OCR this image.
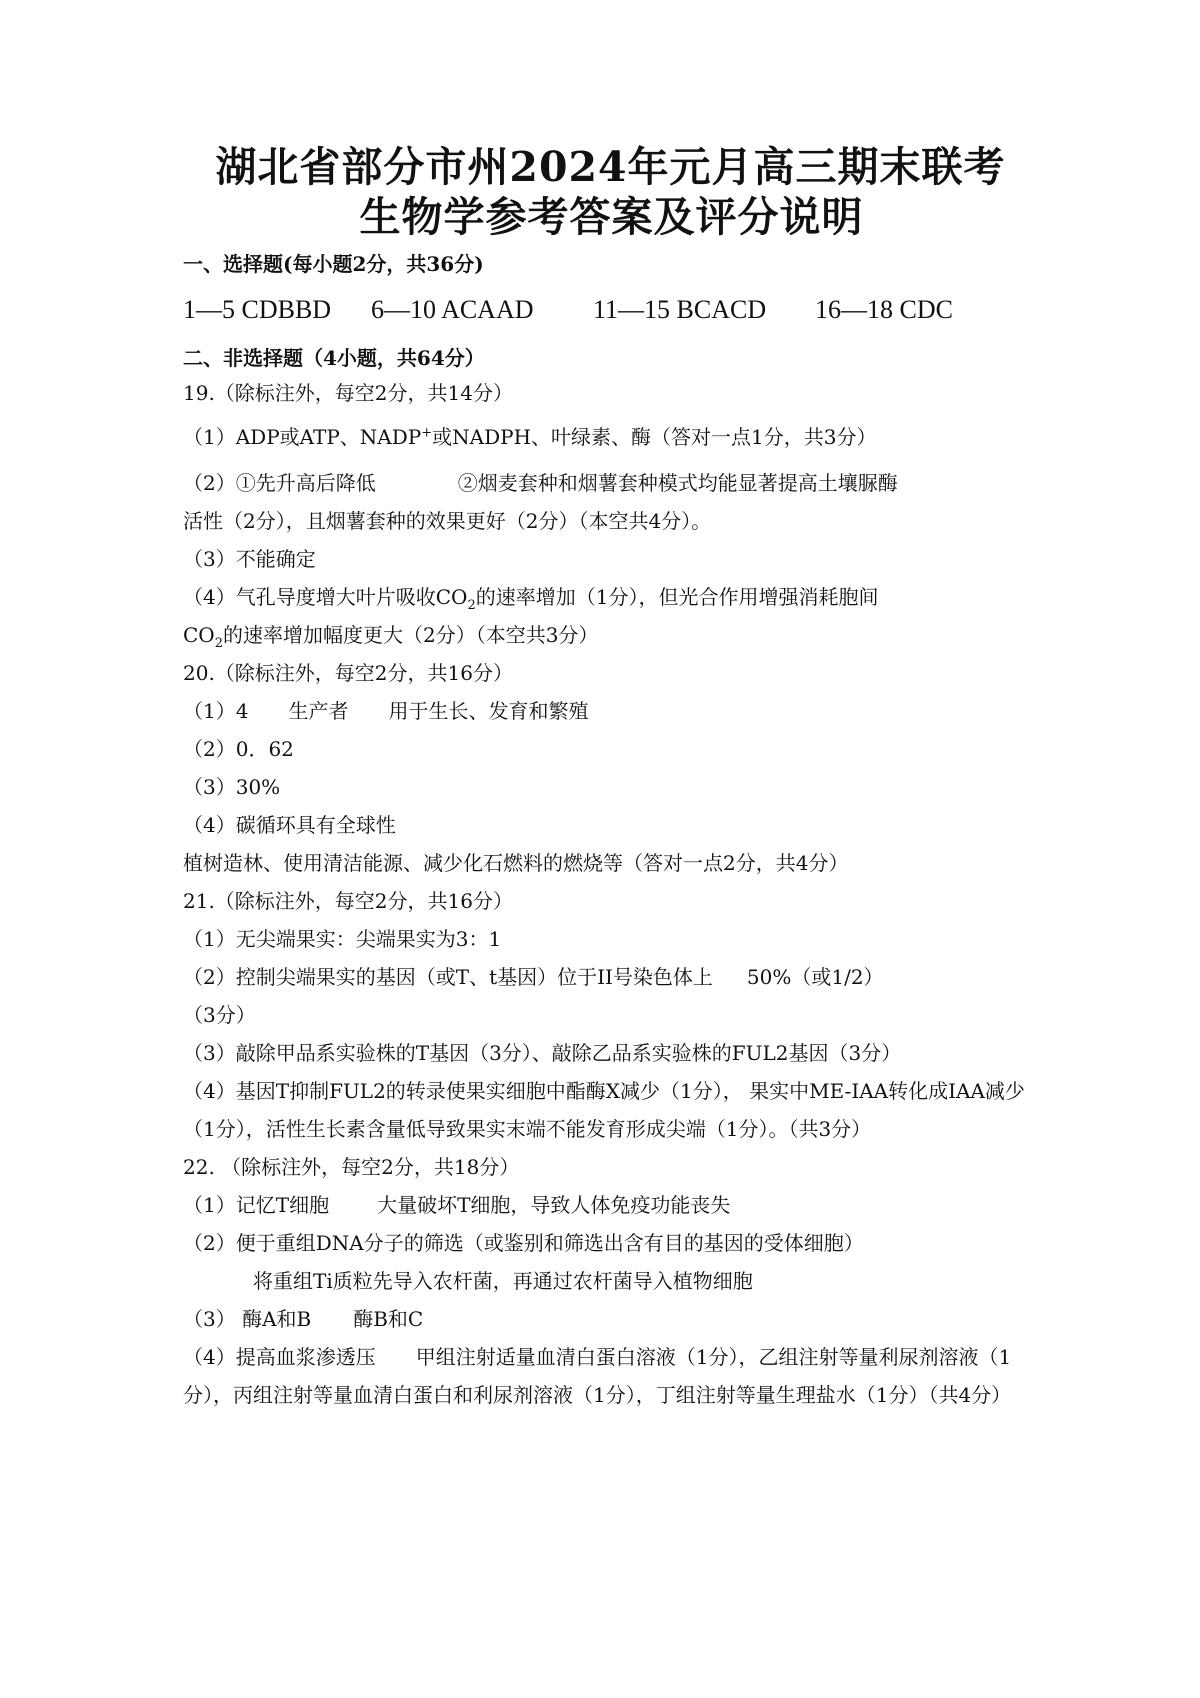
湖北省部分市州2024年元月高三期末联考
生物学参考答案及评分说明

一、选择题(每小题2分，共36分)

1—5 CDBBD 6—10 ACAAD 11—15 BCACD 16—18 CDC

二、非选择题（4小题，共64分）

19.（除标注外，每空2分，共14分）

（1）ADP或ATP、NADP+或NADPH、叶绿素、酶（答对一点1分，共3分）

（2）①先升高后降低	②烟麦套种和烟薯套种模式均能显著提高土壤脲酶

活性（2分），且烟薯套种的效果更好（2分）（本空共4分）。

（3）不能确定

（4）气孔导度增大叶片吸收$CO_2$的速率增加（1分），但光合作用增强消耗胞间

$CO_2$的速率增加幅度更大（2分）（本空共3分）

20.（除标注外，每空2分，共16分）

（1）4 生产者 用于生长、发育和繁殖

（2）0．62

（3）30%

（4）碳循环具有全球性

植树造林、使用清洁能源、减少化石燃料的燃烧等（答对一点2分，共4分）

21.（除标注外，每空2分，共16分）

（1）无尖端果实：尖端果实为3：1

（2）控制尖端果实的基因（或T、t基因）位于II号染色体上 50%（或1/2）

（3分）

（3）敲除甲品系实验株的T基因（3分）、敲除乙品系实验株的FUL2基因（3分）

（4）基因T抑制FUL2的转录使果实细胞中酯酶X减少（1分）， 果实中ME-IAA转化成IAA减少（1分），活性生长素含量低导致果实末端不能发育形成尖端（1分）。（共3分）

22. （除标注外，每空2分，共18分）

（1）记忆T细胞 大量破坏T细胞，导致人体免疫功能丧失

（2）便于重组DNA分子的筛选（或鉴别和筛选出含有目的基因的受体细胞）

将重组Ti质粒先导入农杆菌，再通过农杆菌导入植物细胞

（3） 酶A和B 酶B和C

（4）提高血浆渗透压 甲组注射适量血清白蛋白溶液（1分），乙组注射等量利尿剂溶液（1分），丙组注射等量血清白蛋白和利尿剂溶液（1分），丁组注射等量生理盐水（1分）（共4分）
